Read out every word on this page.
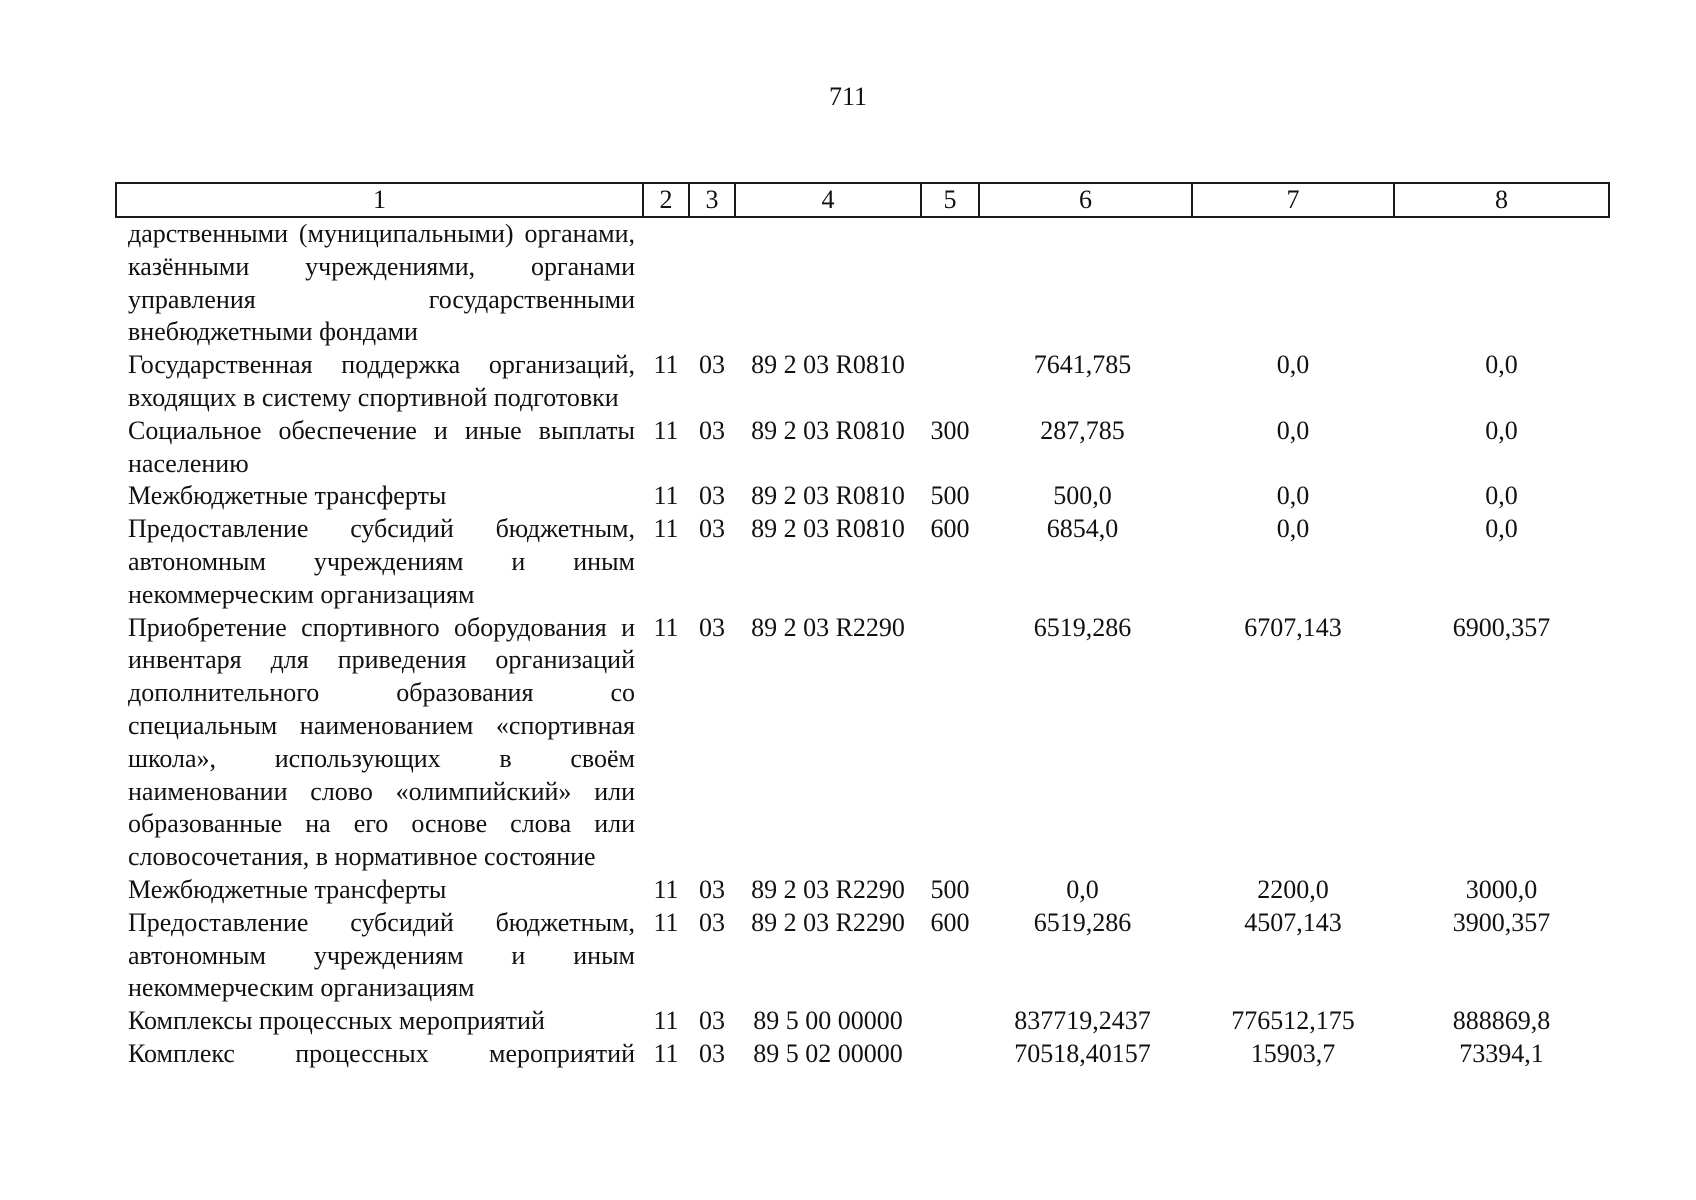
711
1	2	3	4	5	6	7	8
дарственными (муниципальными) органами, казёнными учреждениями, органами управления государственными внебюджетными фондами							
Государственная поддержка организаций, входящих в систему спортивной подготовки	11	03	89 2 03 R0810		7641,785	0,0	0,0
Социальное обеспечение и иные выплаты населению	11	03	89 2 03 R0810	300	287,785	0,0	0,0
Межбюджетные трансферты	11	03	89 2 03 R0810	500	500,0	0,0	0,0
Предоставление субсидий бюджетным, автономным учреждениям и иным некоммерческим организациям	11	03	89 2 03 R0810	600	6854,0	0,0	0,0
Приобретение спортивного оборудования и инвентаря для приведения организаций дополнительного образования со специальным наименованием «спортивная школа», использующих в своём наименовании слово «олимпийский» или образованные на его основе слова или словосочетания, в нормативное состояние	11	03	89 2 03 R2290		6519,286	6707,143	6900,357
Межбюджетные трансферты	11	03	89 2 03 R2290	500	0,0	2200,0	3000,0
Предоставление субсидий бюджетным, автономным учреждениям и иным некоммерческим организациям	11	03	89 2 03 R2290	600	6519,286	4507,143	3900,357
Комплексы процессных мероприятий	11	03	89 5 00 00000		837719,2437	776512,175	888869,8
Комплекс процессных мероприятий	11	03	89 5 02 00000		70518,40157	15903,7	73394,1
